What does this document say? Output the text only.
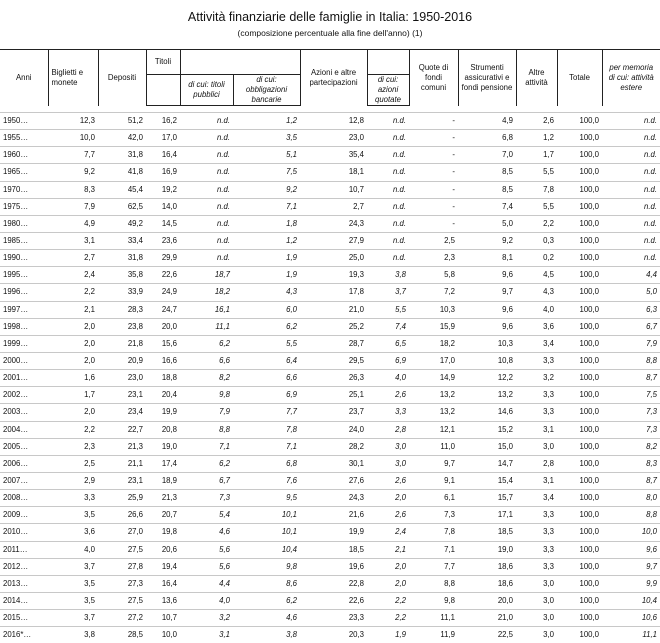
Attività finanziarie delle famiglie in Italia: 1950-2016
(composizione percentuale alla fine dell'anno) (1)
Anni	Biglietti e monete	Depositi	Titoli			Azioni e altre partecipazioni		Quote di fondi comuni	Strumenti assicurativi e fondi pensione	Altre attività	Totale	per memoria di cui: attività estere
				di cui: titoli pubblici	di cui: obbligazioni bancarie		di cui: azioni quotate					

1950…	12,3	51,2	16,2	n.d.	1,2	12,8	n.d.	-	4,9	2,6	100,0	n.d.
1955…	10,0	42,0	17,0	n.d.	3,5	23,0	n.d.	-	6,8	1,2	100,0	n.d.
1960…	7,7	31,8	16,4	n.d.	5,1	35,4	n.d.	-	7,0	1,7	100,0	n.d.
1965…	9,2	41,8	16,9	n.d.	7,5	18,1	n.d.	-	8,5	5,5	100,0	n.d.
1970…	8,3	45,4	19,2	n.d.	9,2	10,7	n.d.	-	8,5	7,8	100,0	n.d.
1975…	7,9	62,5	14,0	n.d.	7,1	2,7	n.d.	-	7,4	5,5	100,0	n.d.
1980…	4,9	49,2	14,5	n.d.	1,8	24,3	n.d.	-	5,0	2,2	100,0	n.d.
1985…	3,1	33,4	23,6	n.d.	1,2	27,9	n.d.	2,5	9,2	0,3	100,0	n.d.
1990…	2,7	31,8	29,9	n.d.	1,9	25,0	n.d.	2,3	8,1	0,2	100,0	n.d.
1995…	2,4	35,8	22,6	18,7	1,9	19,3	3,8	5,8	9,6	4,5	100,0	4,4
1996…	2,2	33,9	24,9	18,2	4,3	17,8	3,7	7,2	9,7	4,3	100,0	5,0
1997…	2,1	28,3	24,7	16,1	6,0	21,0	5,5	10,3	9,6	4,0	100,0	6,3
1998…	2,0	23,8	20,0	11,1	6,2	25,2	7,4	15,9	9,6	3,6	100,0	6,7
1999…	2,0	21,8	15,6	6,2	5,5	28,7	6,5	18,2	10,3	3,4	100,0	7,9
2000…	2,0	20,9	16,6	6,6	6,4	29,5	6,9	17,0	10,8	3,3	100,0	8,8
2001…	1,6	23,0	18,8	8,2	6,6	26,3	4,0	14,9	12,2	3,2	100,0	8,7
2002…	1,7	23,1	20,4	9,8	6,9	25,1	2,6	13,2	13,2	3,3	100,0	7,5
2003…	2,0	23,4	19,9	7,9	7,7	23,7	3,3	13,2	14,6	3,3	100,0	7,3
2004…	2,2	22,7	20,8	8,8	7,8	24,0	2,8	12,1	15,2	3,1	100,0	7,3
2005…	2,3	21,3	19,0	7,1	7,1	28,2	3,0	11,0	15,0	3,0	100,0	8,2
2006…	2,5	21,1	17,4	6,2	6,8	30,1	3,0	9,7	14,7	2,8	100,0	8,3
2007…	2,9	23,1	18,9	6,7	7,6	27,6	2,6	9,1	15,4	3,1	100,0	8,7
2008…	3,3	25,9	21,3	7,3	9,5	24,3	2,0	6,1	15,7	3,4	100,0	8,0
2009…	3,5	26,6	20,7	5,4	10,1	21,6	2,6	7,3	17,1	3,3	100,0	8,8
2010…	3,6	27,0	19,8	4,6	10,1	19,9	2,4	7,8	18,5	3,3	100,0	10,0
2011…	4,0	27,5	20,6	5,6	10,4	18,5	2,1	7,1	19,0	3,3	100,0	9,6
2012…	3,7	27,8	19,4	5,6	9,8	19,6	2,0	7,7	18,6	3,3	100,0	9,7
2013…	3,5	27,3	16,4	4,4	8,6	22,8	2,0	8,8	18,6	3,0	100,0	9,9
2014…	3,5	27,5	13,6	4,0	6,2	22,6	2,2	9,8	20,0	3,0	100,0	10,4
2015…	3,7	27,2	10,7	3,2	4,6	23,3	2,2	11,1	21,0	3,0	100,0	10,6
2016*…	3,8	28,5	10,0	3,1	3,8	20,3	1,9	11,9	22,5	3,0	100,0	11,1
